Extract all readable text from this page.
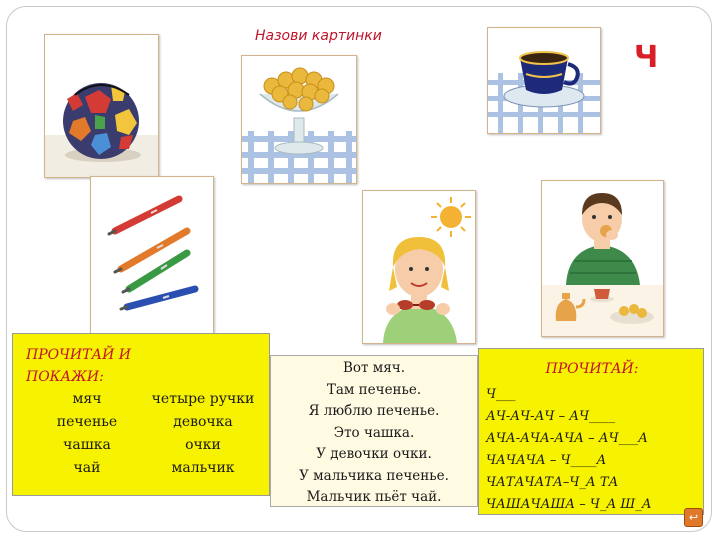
Назови картинки
Ч
ПРОЧИТАЙ И
ПОКАЖИ:
мяч
печенье
чашка
чай
четыре ручки
девочка
очки
мальчик
Вот мяч.
Там печенье.
Я люблю печенье.
Это чашка.
У девочки очки.
У мальчика печенье.
Мальчик пьёт чай.
ПРОЧИТАЙ:
Ч___
АЧ-АЧ-АЧ – АЧ____
АЧА-АЧА-АЧА – АЧ___А
ЧАЧАЧА – Ч____А
ЧАТАЧАТА–Ч_А ТА
ЧАШАЧАША – Ч_А Ш_А
↩
